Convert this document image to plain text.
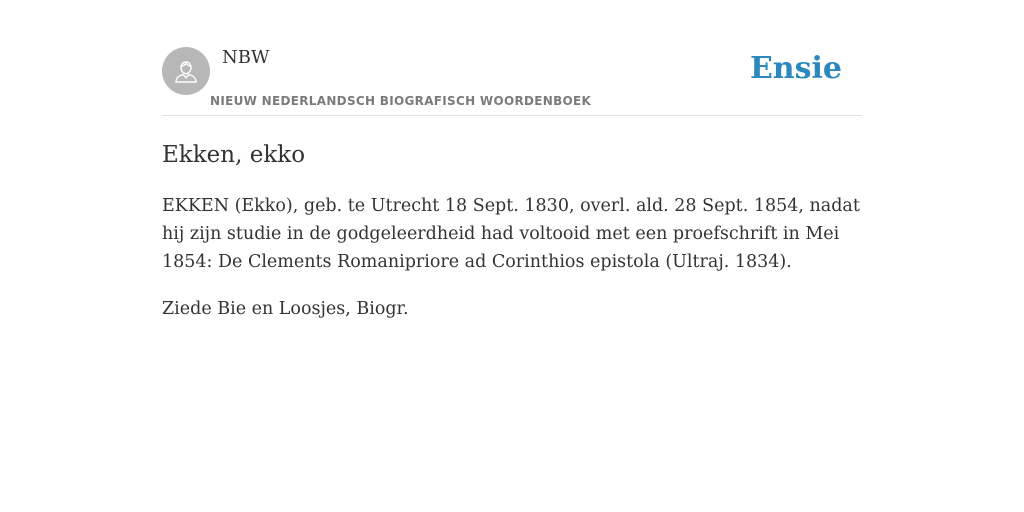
NBW
NIEUW NEDERLANDSCH BIOGRAFISCH WOORDENBOEK
Ensie
Ekken, ekko

EKKEN (Ekko), geb. te Utrecht 18 Sept. 1830, overl. ald. 28 Sept. 1854, nadat hij zijn studie in de godgeleerdheid had voltooid met een proefschrift in Mei 1854: De Clements Romanipriore ad Corinthios epistola (Ultraj. 1834).

Ziede Bie en Loosjes, Biogr.
